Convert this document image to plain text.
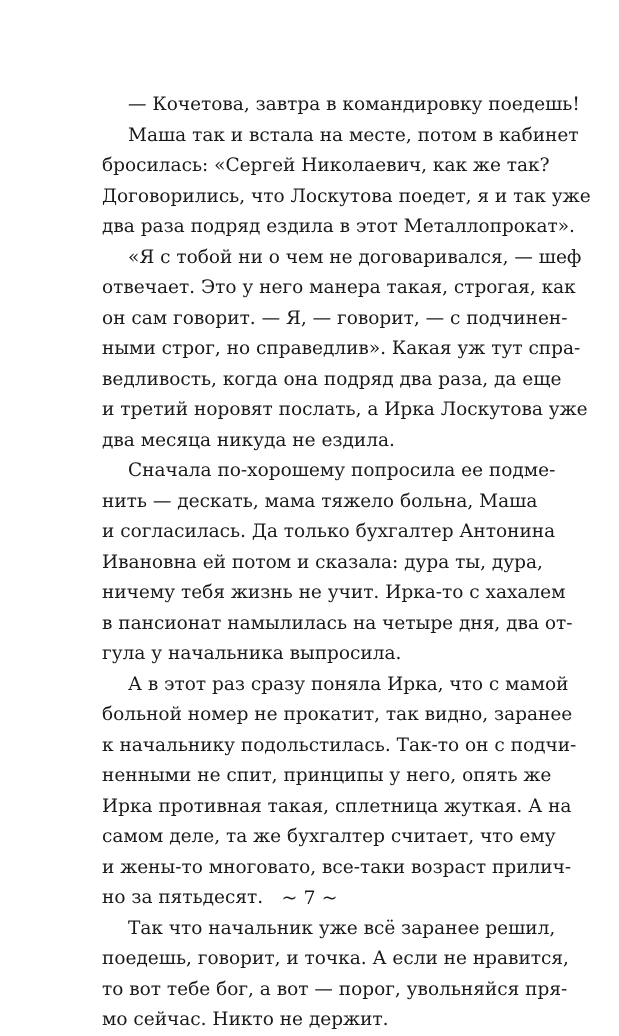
— Кочетова, завтра в командировку поедешь!

Маша так и встала на месте, потом в кабинет
бросилась: «Сергей Николаевич, как же так?
Договорились, что Лоскутова поедет, я и так уже
два раза подряд ездила в этот Металлопрокат».

«Я с тобой ни о чем не договаривался, — шеф
отвечает. Это у него манера такая, строгая, как
он сам говорит. — Я, — говорит, — с подчинен-
ными строг, но справедлив». Какая уж тут спра-
ведливость, когда она подряд два раза, да еще
и третий норовят послать, а Ирка Лоскутова уже
два месяца никуда не ездила.

Сначала по-хорошему попросила ее подме-
нить — дескать, мама тяжело больна, Маша
и согласилась. Да только бухгалтер Антонина
Ивановна ей потом и сказала: дура ты, дура,
ничему тебя жизнь не учит. Ирка-то с хахалем
в пансионат намылилась на четыре дня, два от-
гула у начальника выпросила.

А в этот раз сразу поняла Ирка, что с мамой
больной номер не прокатит, так видно, заранее
к начальнику подольстилась. Так-то он с подчи-
ненными не спит, принципы у него, опять же
Ирка противная такая, сплетница жуткая. А на
самом деле, та же бухгалтер считает, что ему
и жены-то многовато, все-таки возраст прилич-
но за пятьдесят.

Так что начальник уже всё заранее решил,
поедешь, говорит, и точка. А если не нравится,
то вот тебе бог, а вот — порог, увольняйся пря-
мо сейчас. Никто не держит.

~ 7 ~
